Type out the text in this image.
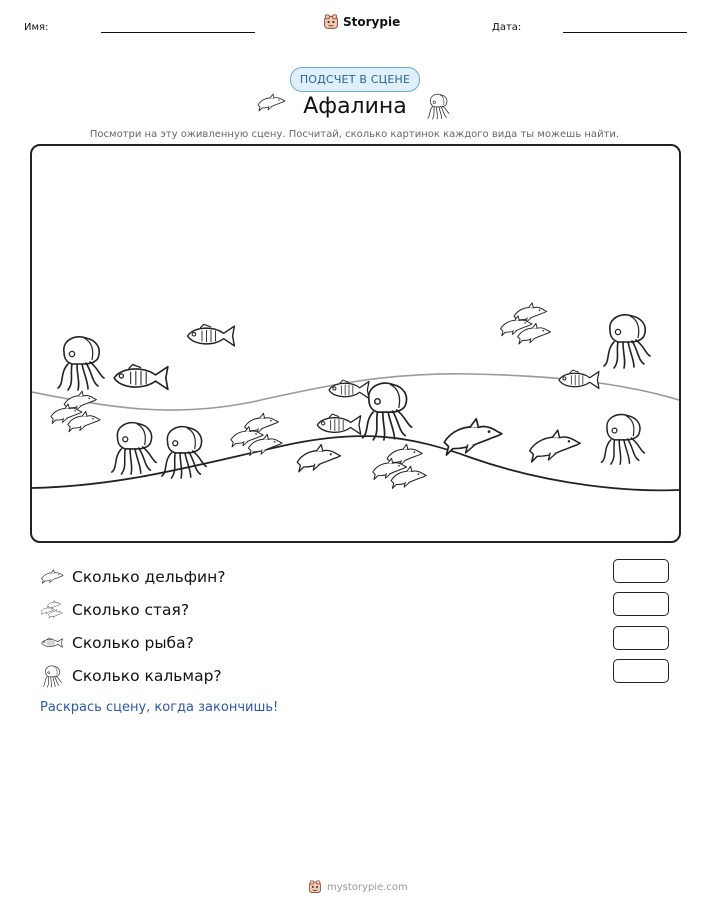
Имя:	Storypie	Дата:
ПОДСЧЕТ В СЦЕНЕ
Афалина
Посмотри на эту оживленную сцену. Посчитай, сколько картинок каждого вида ты можешь найти.
Сколько дельфин?
Сколько стая?
Сколько рыба?
Сколько кальмар?
Раскрась сцену, когда закончишь!
mystorypie.com
